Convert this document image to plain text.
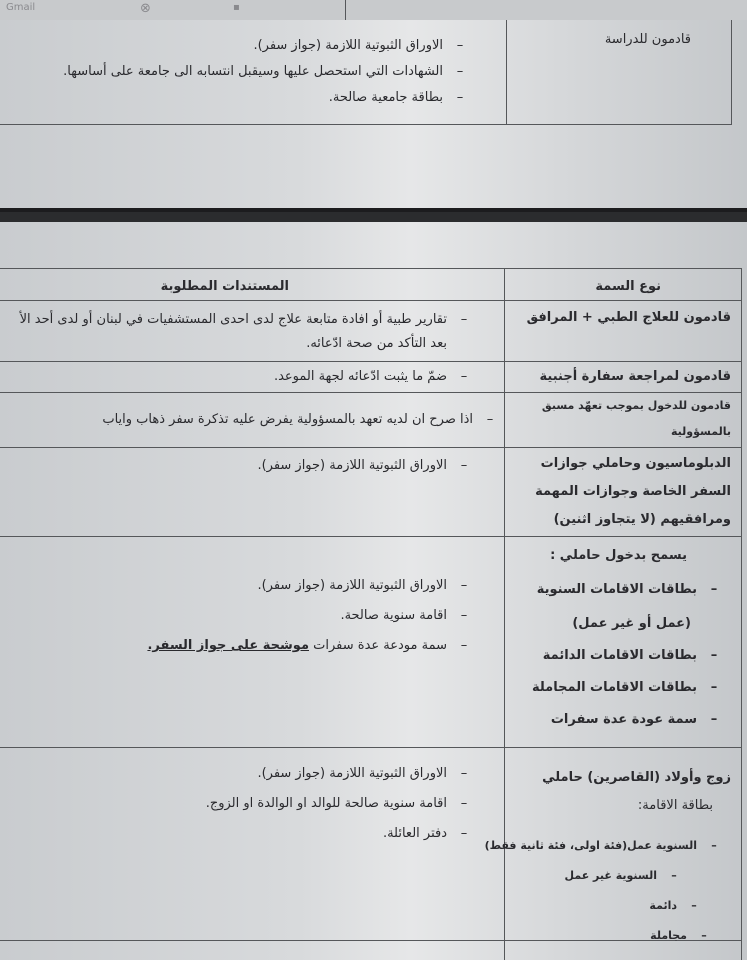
Gmail	⊗	▪
قادمون للدراسة
–الاوراق الثبوتية اللازمة (جواز سفر).
–الشهادات التي استحصل عليها وسيقبل انتسابه الى جامعة على أساسها.
–بطاقة جامعية صالحة.
نوع السمة
المستندات المطلوبة
قادمون للعلاج الطبي + المرافق
–تقارير طبية أو افادة متابعة علاج لدى احدى المستشفيات في لبنان أو لدى أحد الأ
بعد التأكد من صحة ادّعائه.
قادمون لمراجعة سفارة أجنبية
–ضمّ ما يثبت ادّعائه لجهة الموعد.
قادمون للدخول بموجب تعهّد مسبق
بالمسؤولية
–اذا صرح ان لديه تعهد بالمسؤولية يفرض عليه تذكرة سفر ذهاب واياب
الدبلوماسيون وحاملي جوازات
السفر الخاصة وجوازات المهمة
ومرافقيهم (لا يتجاوز اثنين)
–الاوراق الثبوتية اللازمة (جواز سفر).
يسمح بدخول حاملي :
–بطاقات الاقامات السنوية
(عمل أو غير عمل)
–بطاقات الاقامات الدائمة
–بطاقات الاقامات المجاملة
–سمة عودة عدة سفرات
–الاوراق الثبوتية اللازمة (جواز سفر).
–اقامة سنوية صالحة.
–سمة مودعة عدة سفرات موشحة على جواز السفر.
زوج وأولاد (القاصرين) حاملي
بطاقة الاقامة:
–السنوية عمل(فئة اولى، فئة ثانية فقط)
–السنوية غير عمل
–دائمة
–مجاملة
–الاوراق الثبوتية اللازمة (جواز سفر).
–اقامة سنوية صالحة للوالد او الوالدة او الزوج.
–دفتر العائلة.
